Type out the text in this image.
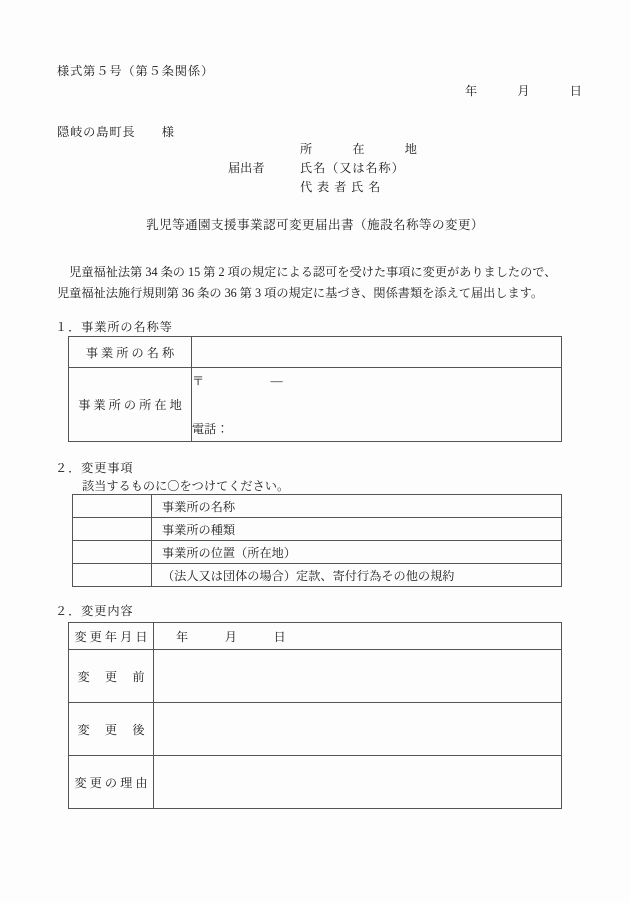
様式第５号（第５条関係）
年　　　月　　　日
隠岐の島町長　　様
所　　　在　　　地
届出者	氏名（又は名称）
代 表 者 氏 名
乳児等通園支援事業認可変更届出書（施設名称等の変更）
　児童福祉法第 34 条の 15 第 2 項の規定による認可を受けた事項に変更がありましたので、
児童福祉法施行規則第 36 条の 36 第 3 項の規定に基づき、関係書類を添えて届出します。
１．事業所の名称等
事 業 所 の 名 称	
事 業 所 の 所 在 地	〒　　　　　―
電話：
２．変更事項
該当するものに〇をつけてください。
	事業所の名称
	事業所の種類
	事業所の位置（所在地）
	（法人又は団体の場合）定款、寄付行為その他の規約
２．変更内容
変 更 年 月 日	年　　　月　　　日
変　 更　 前	
変　 更　 後	
変 更 の 理 由	
